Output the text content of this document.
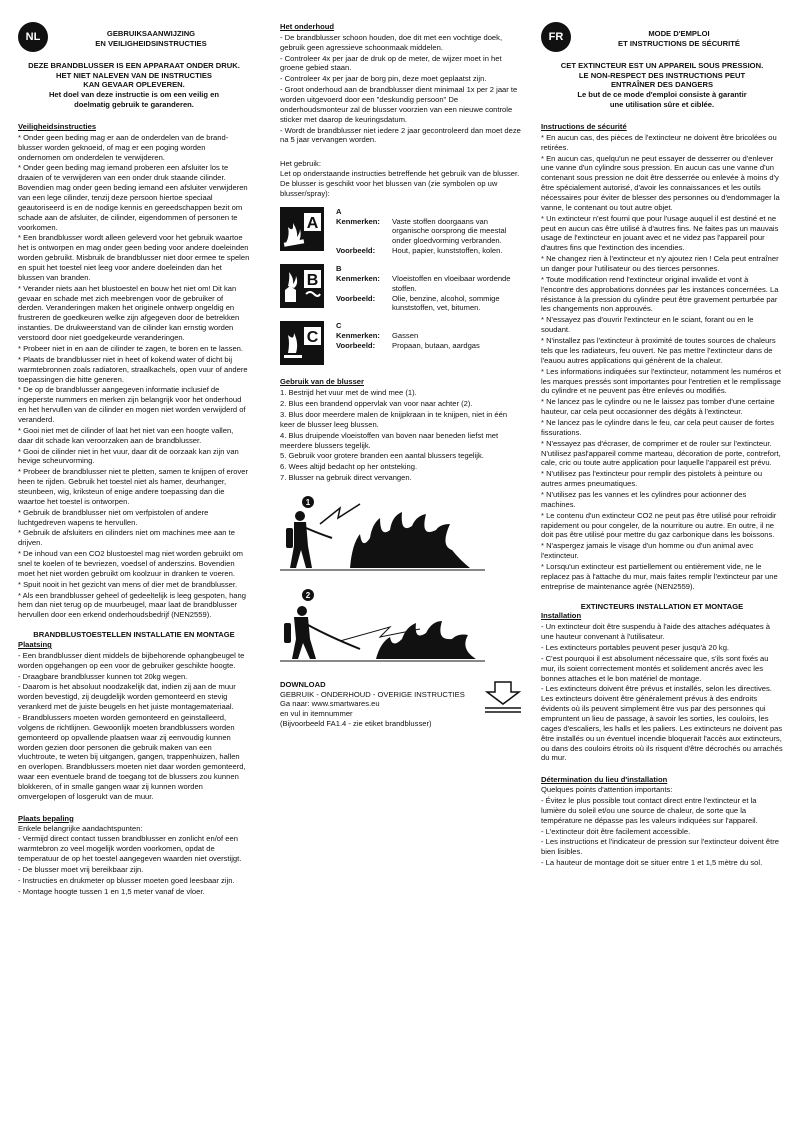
NL	GEBRUIKSAANWIJZING

EN VEILIGHEIDSINSTRUCTIES

DEZE BRANDBLUSSER IS EEN APPARAAT ONDER DRUK.

HET NIET NALEVEN VAN DE INSTRUCTIES

KAN GEVAAR OPLEVEREN.

Het doel van deze instructie is om een veilig en

doelmatig gebruik te garanderen.

Veiligheidsinstructies

* Onder geen beding mag er aan de onderdelen van de brand-blusser worden geknoeid, of mag er een poging worden ondernomen om onderdelen te verwijderen.

* Onder geen beding mag iemand proberen een afsluiter los te draaien of te verwijderen van een onder druk staande cilinder. Bovendien mag onder geen beding iemand een afsluiter verwijderen van een lege cilinder, tenzij deze persoon hiertoe speciaal geautoriseerd is en de nodige kennis en gereedschappen bezit om schade aan de afsluiter, de cilinder, eigendommen of personen te voorkomen.

* Een brandblusser wordt alleen geleverd voor het gebruik waartoe het is ontworpen en mag onder geen beding voor andere doeleinden worden gebruikt. Misbruik de brandblusser niet door ermee te spelen en spuit het toestel niet leeg voor andere doeleinden dan het blussen van branden.

* Verander niets aan het blustoestel en bouw het niet om! Dit kan gevaar en schade met zich meebrengen voor de gebruiker of derden. Veranderingen maken het originele ontwerp ongeldig en frustreren de goedkeuren welke zijn afgegeven door de betrekken instanties. De drukweerstand van de cilinder kan ernstig worden verstoord door niet goedgekeurde veranderingen.

* Probeer niet in en aan de cilinder te zagen, te boren en te lassen.

* Plaats de brandblusser niet in heet of kokend water of dicht bij warmtebronnen zoals radiatoren, straalkachels, open vuur of andere toepassingen die hitte generen.

* De op de brandblusser aangegeven informatie inclusief de ingeperste nummers en merken zijn belangrijk voor het onderhoud en het hervullen van de cilinder en mogen niet worden verwijderd of veranderd.

* Gooi niet met de cilinder of laat het niet van een hoogte vallen, daar dit schade kan veroorzaken aan de brandblusser.

* Gooi de cilinder niet in het vuur, daar dit de oorzaak kan zijn van hevige scheurvorming.

* Probeer de brandblusser niet te pletten, samen te knijpen of erover heen te rijden. Gebruik het toestel niet als hamer, deurhanger, steunbeen, wig, kriksteun of enige andere toepassing dan die waartoe het toestel is ontworpen.

* Gebruik de brandblusser niet om verfpistolen of andere luchtgedreven wapens te hervullen.

* Gebruik de afsluiters en cilinders niet om machines mee aan te drijven.

* De inhoud van een CO2 blustoestel mag niet worden gebruikt om snel te koelen of te bevriezen, voedsel of anderszins. Bovendien moet het niet worden gebruikt om koolzuur in dranken te voeren.

* Spuit nooit in het gezicht van mens of dier met de brandblusser.

* Als een brandblusser geheel of gedeeltelijk is leeg gespoten, hang hem dan niet terug op de muurbeugel, maar laat de brandblusser hervullen door een erkend onderhoudsbedrijf (NEN2559).

BRANDBLUSTOESTELLEN INSTALLATIE EN MONTAGE
Plaatsing

- Een brandblusser dient middels de bijbehorende ophangbeugel te worden opgehangen op een voor de gebruiker geschikte hoogte.

- Draagbare brandblusser kunnen tot 20kg wegen.

- Daarom is het absoluut noodzakelijk dat, indien zij aan de muur worden bevestigd, zij deugdelijk worden gemonteerd en stevig verankerd met de juiste beugels en het juiste montagemateriaal.

- Brandblussers moeten worden gemonteerd en geinstalleerd, volgens de richtlijnen. Gewoonlijk moeten brandblussers worden gemonteerd op opvallende plaatsen waar zij eenvoudig kunnen worden gezien door personen die gebruik maken van een vluchtroute, te weten bij uitgangen, gangen, trappenhuizen, hallen en overlopen. Brandblussers moeten niet daar worden gemonteerd, waar een eventuele brand de toegang tot de blussers zou kunnen blokkeren, of in smalle gangen waar zij kunnen worden omvergelopen of losgerukt van de muur.

Plaats bepaling

Enkele belangrijke aandachtspunten:

- Vermijd direct contact tussen brandblusser en zonlicht en/of een warmtebron zo veel mogelijk worden voorkomen, opdat de temperatuur de op het toestel aangegeven waarden niet overstijgt.

- De blusser moet vrij bereikbaar zijn.

- Instructies en drukmeter op blusser moeten goed leesbaar zijn.

- Montage hoogte tussen 1 en 1,5 meter vanaf de vloer.

Het onderhoud

- De brandblusser schoon houden, doe dit met een vochtige doek, gebruik geen agressieve schoonmaak middelen.

- Controleer 4x per jaar de druk op de meter, de wijzer moet in het groene gebied staan.

- Controleer 4x per jaar de borg pin, deze moet geplaatst zijn.

- Groot onderhoud aan de brandblusser dient minimaal 1x per 2 jaar te worden uitgevoerd door een "deskundig persoon" De onderhoudsmonteur zal de blusser voorzien van een nieuwe controle sticker met daarop de keuringsdatum.

- Wordt de brandblusser niet iedere 2 jaar gecontroleerd dan moet deze na 5 jaar vervangen worden.

Het gebruik:

Let op onderstaande instructies betreffende het gebruik van de blusser. De blusser is geschikt voor het blussen van (zie symbolen op uw blusser/spray):

A
A
Kenmerken:	Vaste stoffen doorgaans van organische oorsprong die meestal onder gloedvorming verbranden.
Voorbeeld:	Hout, papier, kunststoffen, kolen.
B
B
Kenmerken:	Vloeistoffen en vloeibaar wordende stoffen.
Voorbeeld:	Olie, benzine, alcohol, sommige kunststoffen, vet, bitumen.
C
C
Kenmerken:	Gassen
Voorbeeld:	Propaan, butaan, aardgas
Gebruik van de blusser

1. Bestrijd het vuur met de wind mee (1).

2. Blus een brandend oppervlak van voor naar achter (2).

3. Blus door meerdere malen de knijpkraan in te knijpen, niet in één keer de blusser leeg blussen.

4. Blus druipende vloeistoffen van boven naar beneden liefst met meerdere blussers tegelijk.

5. Gebruik voor grotere branden een aantal blussers tegelijk.

6. Wees altijd bedacht op her ontsteking.

7. Blusser na gebruik direct vervangen.

1

2

DOWNLOAD

GEBRUIK - ONDERHOUD - OVERIGE INSTRUCTIES

Ga naar: www.smartwares.eu

en vul in itemnummer

(Bijvoorbeeld FA1.4 - zie etiket brandblusser)

FR	MODE D'EMPLOI

ET INSTRUCTIONS DE SÉCURITÉ

CET EXTINCTEUR EST UN APPAREIL SOUS PRESSION.

LE NON-RESPECT DES INSTRUCTIONS PEUT

ENTRAÎNER DES DANGERS

Le but de ce mode d'emploi consiste à garantir

une utilisation sûre et ciblée.

Instructions de sécurité

* En aucun cas, des pièces de l'extincteur ne doivent être bricolées ou retirées.

* En aucun cas, quelqu'un ne peut essayer de desserrer ou d'enlever une vanne d'un cylindre sous pression. En aucun cas une vanne d'un contenant sous pression ne doit être desserrée ou enlevée à moins d'y être spécialement autorisé, d'avoir les connaissances et les outils nécessaires pour éviter de blesser des personnes ou d'endommager la vanne, le contenant ou tout autre objet.

* Un extincteur n'est fourni que pour l'usage auquel il est destiné et ne peut en aucun cas être utilisé à d'autres fins. Ne faites pas un mauvais usage de l'extincteur en jouant avec et ne videz pas l'appareil pour d'autres fins que l'extinction des incendies.

* Ne changez rien à l'extincteur et n'y ajoutez rien ! Cela peut entraîner un danger pour l'utilisateur ou des tierces personnes.

* Toute modification rend l'extincteur original invalide et vont à l'encontre des approbations données par les instances concernées. La résistance à la pression du cylindre peut être gravement perturbée par les changements non approuvés.

* N'essayez pas d'ouvrir l'extincteur en le sciant, forant ou en le soudant.

* N'installez pas l'extincteur à proximité de toutes sources de chaleurs tels que les radiateurs, feu ouvert. Ne pas mettre l'extincteur dans de l'eauou autres applications qui génèrent de la chaleur.

* Les informations indiquées sur l'extincteur, notamment les numéros et les marques pressés sont importantes pour l'entretien et le remplissage du cylindre et ne peuvent pas être enlevés ou modifiés.

* Ne lancez pas le cylindre ou ne le laissez pas tomber d'une certaine hauteur, car cela peut occasionner des dégâts à l'extincteur.

* Ne lancez pas le cylindre dans le feu, car cela peut causer de fortes fissurations.

* N'essayez pas d'écraser, de comprimer et de rouler sur l'extincteur. N'utilisez pasl'appareil comme marteau, décoration de porte, contrefort, cale, cric ou toute autre application pour laquelle l'appareil est prévu.

* N'utilisez pas l'extincteur pour remplir des pistolets à peinture ou autres armes pneumatiques.

* N'utilisez pas les vannes et les cylindres pour actionner des machines.

* Le contenu d'un extincteur CO2 ne peut pas être utilisé pour refroidir rapidement ou pour congeler, de la nourriture ou autre. En outre, il ne doit pas être utilisé pour mettre du gaz carbonique dans les boissons.

* N'aspergez jamais le visage d'un homme ou d'un animal avec l'extincteur.

* Lorsqu'un extincteur est partiellement ou entièrement vide, ne le replacez pas à l'attache du mur, mais faites remplir l'extincteur par une entreprise de maintenance agrée (NEN2559).

EXTINCTEURS INSTALLATION ET MONTAGE
Installation

- Un extincteur doit être suspendu à l'aide des attaches adéquates à une hauteur convenant à l'utilisateur.

- Les extincteurs portables peuvent peser jusqu'à 20 kg.

- C'est pourquoi il est absolument nécessaire que, s'ils sont fixés au mur, ils soient correctement montés et solidement ancrés avec les bonnes attaches et le bon matériel de montage.

- Les extincteurs doivent être prévus et installés, selon les directives. Les extincteurs doivent être généralement prévus à des endroits évidents où ils peuvent simplement être vus par des personnes qui empruntent un lieu de passage, à savoir les sorties, les couloirs, les cages d'escaliers, les halls et les paliers. Les extincteurs ne doivent pas être installés ou un éventuel incendie bloquerait l'accès aux extincteurs, ou dans des couloirs étroits où ils risquent d'être décrochés ou arrachés du mur.

Détermination du lieu d'installation

Quelques points d'attention importants:

- Évitez le plus possible tout contact direct entre l'extincteur et la lumière du soleil et/ou une source de chaleur, de sorte que la température ne dépasse pas les valeurs indiquées sur l'appareil.

- L'extincteur doit être facilement accessible.

- Les instructions et l'indicateur de pression sur l'extincteur doivent être bien lisibles.

- La hauteur de montage doit se situer entre 1 et 1,5 mètre du sol.
